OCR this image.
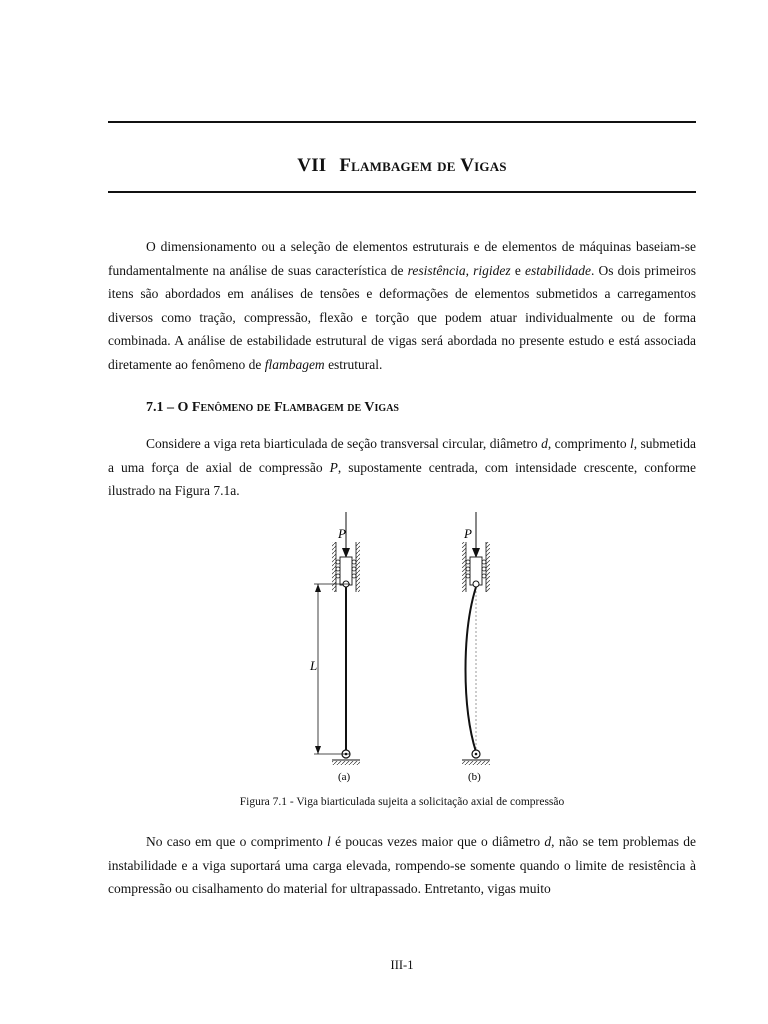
VII Flambagem de Vigas

O dimensionamento ou a seleção de elementos estruturais e de elementos de máquinas baseiam-se fundamentalmente na análise de suas característica de resistência, rigidez e estabilidade. Os dois primeiros itens são abordados em análises de tensões e deformações de elementos submetidos a carregamentos diversos como tração, compressão, flexão e torção que podem atuar individualmente ou de forma combinada. A análise de estabilidade estrutural de vigas será abordada no presente estudo e está associada diretamente ao fenômeno de flambagem estrutural.

7.1 – O Fenômeno de Flambagem de Vigas

Considere a viga reta biarticulada de seção transversal circular, diâmetro d, comprimento l, submetida a uma força de axial de compressão P, supostamente centrada, com intensidade crescente, conforme ilustrado na Figura 7.1a.

P
L
(a)
P
(b)
Figura 7.1 - Viga biarticulada sujeita a solicitação axial de compressão

No caso em que o comprimento l é poucas vezes maior que o diâmetro d, não se tem problemas de instabilidade e a viga suportará uma carga elevada, rompendo-se somente quando o limite de resistência à compressão ou cisalhamento do material for ultrapassado. Entretanto, vigas muito

III-1
